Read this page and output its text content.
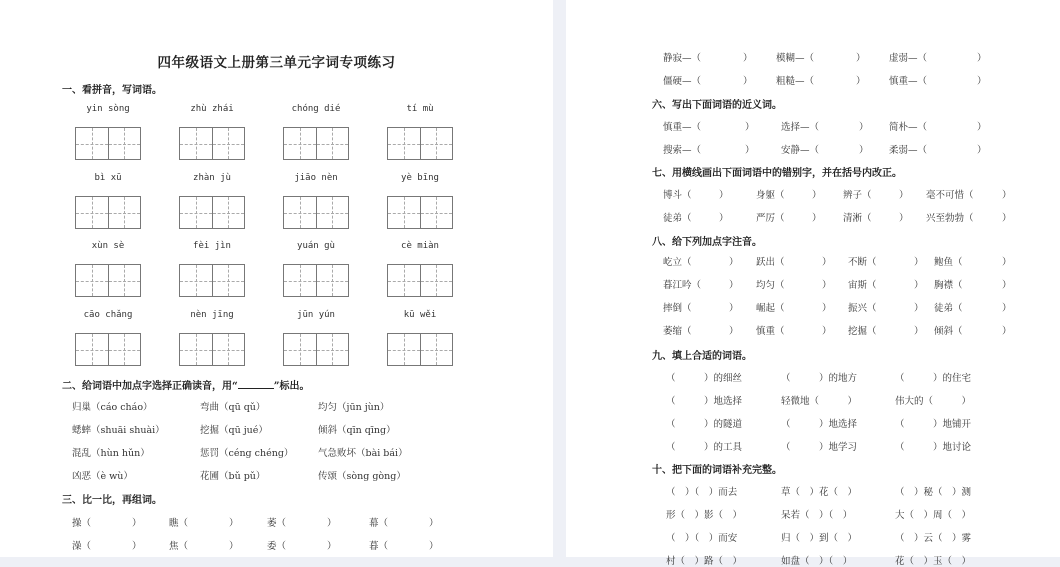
四年级语文上册第三单元字词专项练习
一、看拼音，写词语。
yin sòng	zhù zhái	chóng dié	tí mù
bì xū	zhàn jù	jiāo nèn	yè bīng
xùn sè	fèi jìn	yuán gù	cè miàn
cāo chǎng	nèn jīng	jūn yún	kū wěi
二、给词语中加点字选择正确读音，用“	”标出。
归巢（cáo cháo）	弯曲（qū qǔ）	均匀（jūn jùn）
蟋蟀（shuāi shuài）	挖掘（qū jué）	倾斜（qīn qīng）
混乱（hùn hǔn）	惩罚（céng chéng）	气急败坏（bài bái）
凶恶（è wù）	花圃（bǔ pǔ）	传颂（sòng gòng）
三、比一比，再组词。
操（	）	瞧（	）	萎（	）	幕（	）
澡（	）	焦（	）	委（	）	暮（	）
静寂—（	） 模糊—（	） 虚弱—（	）
僵硬—（	） 粗糙—（	） 慎重—（	）
六、写出下面词语的近义词。
慎重—（	）	选择—（	） 简朴—（	）
搜索—（	）	安静—（	） 柔弱—（	）
七、用横线画出下面词语中的错别字，并在括号内改正。
博斗（	）	身躯（	） 辨子（	） 毫不可惜（	）
徒弟（	）	严厉（	） 清淅（	） 兴至勃勃（	）
八、给下列加点字注音。
屹立（	） 跃出（	） 不断（	） 鲍鱼（	）
暮江吟（	） 均匀（	） 宙斯（	） 胸襟（	）
摔倒（	） 崛起（	） 振兴（	） 徒弟（	）
萎缩（	） 慎重（	） 挖掘（	） 倾斜（	）
九、填上合适的词语。
（　　　）的细丝	（　　　）的地方	（　　　）的住宅
（　　　）地选择	轻微地（　　　）	伟大的（　　　）
（　　　）的隧道	（　　　）地选择	（　　　）地铺开
（　　　）的工具	（　　　）地学习	（　　　）地讨论
十、把下面的词语补充完整。
（　）（　）而去	草（　）花（　）	（　）秘（　）测
形（　）影（　）	呆若（　）（　）	大（　）周（　）
（　）（　）而安	归（　）到（　）	（　）云（　）雾
村（　）路（　）	如盘（　）（　）	花（　）玉（　）
